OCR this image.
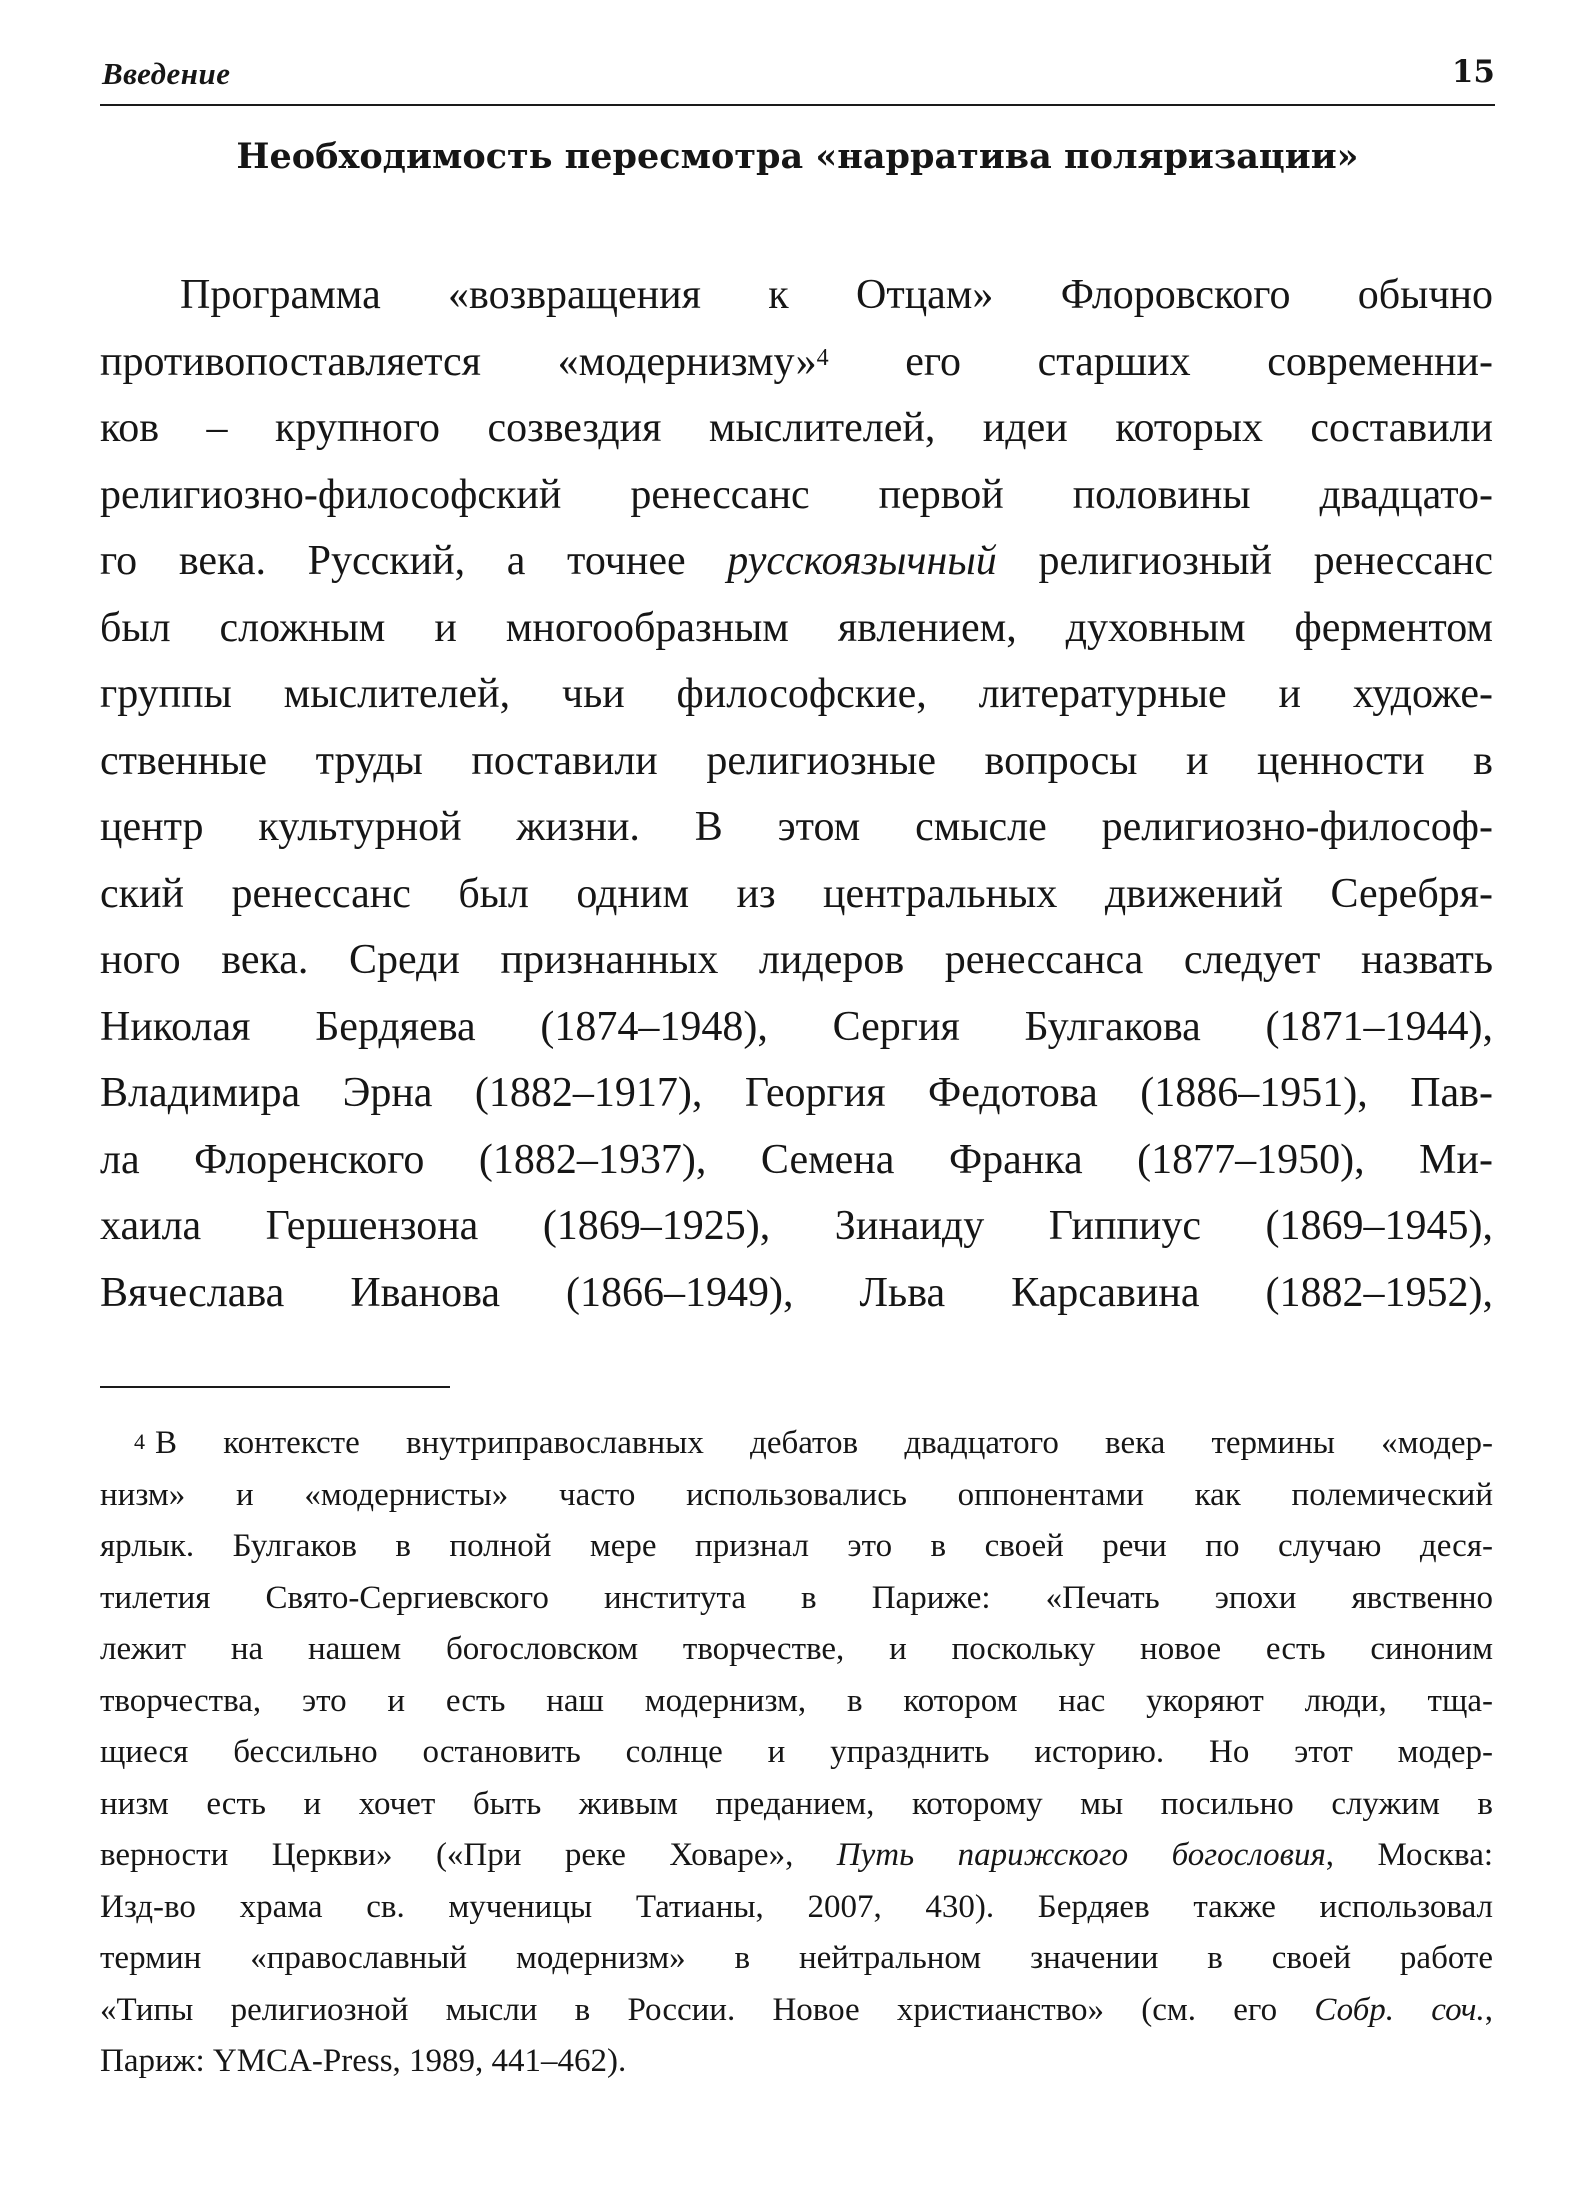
Введение	15
Необходимость пересмотра «нарратива поляризации»
Программа «возвращения к Отцам» Флоровского обычно
противопоставляется «модернизму»$^4$ его старших современни-
ков – крупного созвездия мыслителей, идеи которых составили
религиозно-философский ренессанс первой половины двадцато-
го века. Русский, а точнее русскоязычный религиозный ренессанс
был сложным и многообразным явлением, духовным ферментом
группы мыслителей, чьи философские, литературные и художе-
ственные труды поставили религиозные вопросы и ценности в
центр культурной жизни. В этом смысле религиозно-философ-
ский ренессанс был одним из центральных движений Серебря-
ного века. Среди признанных лидеров ренессанса следует назвать
Николая Бердяева (1874–1948), Сергия Булгакова (1871–1944),
Владимира Эрна (1882–1917), Георгия Федотова (1886–1951), Пав-
ла Флоренского (1882–1937), Семена Франка (1877–1950), Ми-
хаила Гершензона (1869–1925), Зинаиду Гиппиус (1869–1945),
Вячеслава Иванова (1866–1949), Льва Карсавина (1882–1952),
$^4$ В контексте внутриправославных дебатов двадцатого века термины «модер-
низм» и «модернисты» часто использовались оппонентами как полемический
ярлык. Булгаков в полной мере признал это в своей речи по случаю деся-
тилетия Свято-Сергиевского института в Париже: «Печать эпохи явственно
лежит на нашем богословском творчестве, и поскольку новое есть синоним
творчества, это и есть наш модернизм, в котором нас укоряют люди, тща-
щиеся бессильно остановить солнце и упразднить историю. Но этот модер-
низм есть и хочет быть живым преданием, которому мы посильно служим в
верности Церкви» («При реке Ховаре», Путь парижского богословия, Москва:
Изд-во храма св. мученицы Татианы, 2007, 430). Бердяев также использовал
термин «православный модернизм» в нейтральном значении в своей работе
«Типы религиозной мысли в России. Новое христианство» (см. его Собр. соч.,
Париж: YMCA-Press, 1989, 441–462).
